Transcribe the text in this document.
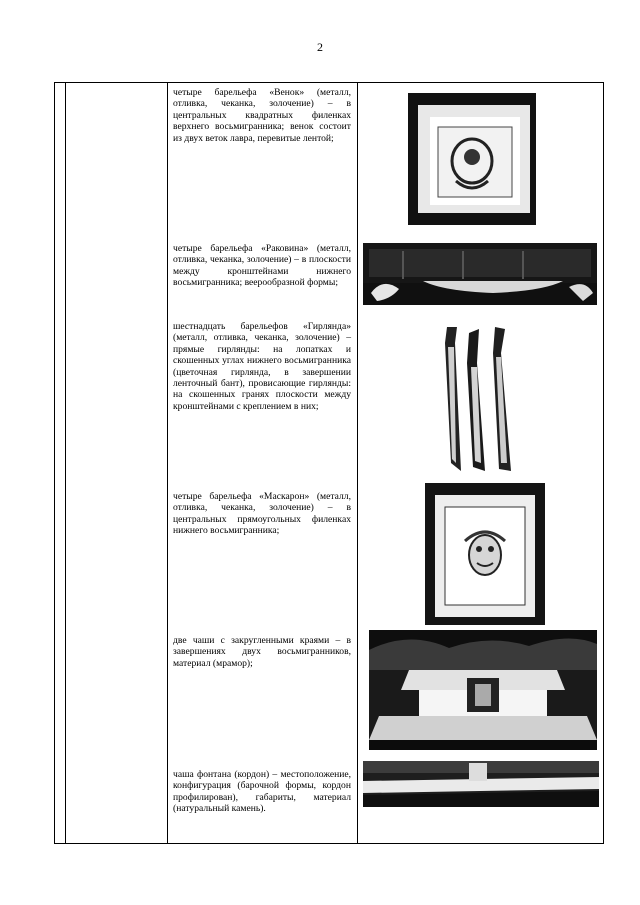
2
четыре барельефа «Венок» (металл, отливка, чеканка, золочение) – в центральных квадратных филенках верхнего восьмигранника; венок состоит из двух веток лавра, перевитые лентой;
четыре барельефа «Раковина» (металл, отливка, чеканка, золочение) – в плоскости между кронштейнами нижнего восьмигранника; веерообразной формы;
шестнадцать барельефов «Гирлянда» (металл, отливка, чеканка, золочение) – прямые гирлянды: на лопатках и скошенных углах нижнего восьмигранника (цветочная гирлянда, в завершении ленточный бант), провисающие гирлянды: на скошенных гранях плоскости между кронштейнами с креплением в них;
четыре барельефа «Маскарон» (металл, отливка, чеканка, золочение) – в центральных прямоугольных филенках нижнего восьмигранника;
две чаши с закругленными краями – в завершениях двух восьмигранников, материал (мрамор);
чаша фонтана (кордон) – местоположение, конфигурация (барочной формы, кордон профилирован), габариты, материал (натуральный камень).
